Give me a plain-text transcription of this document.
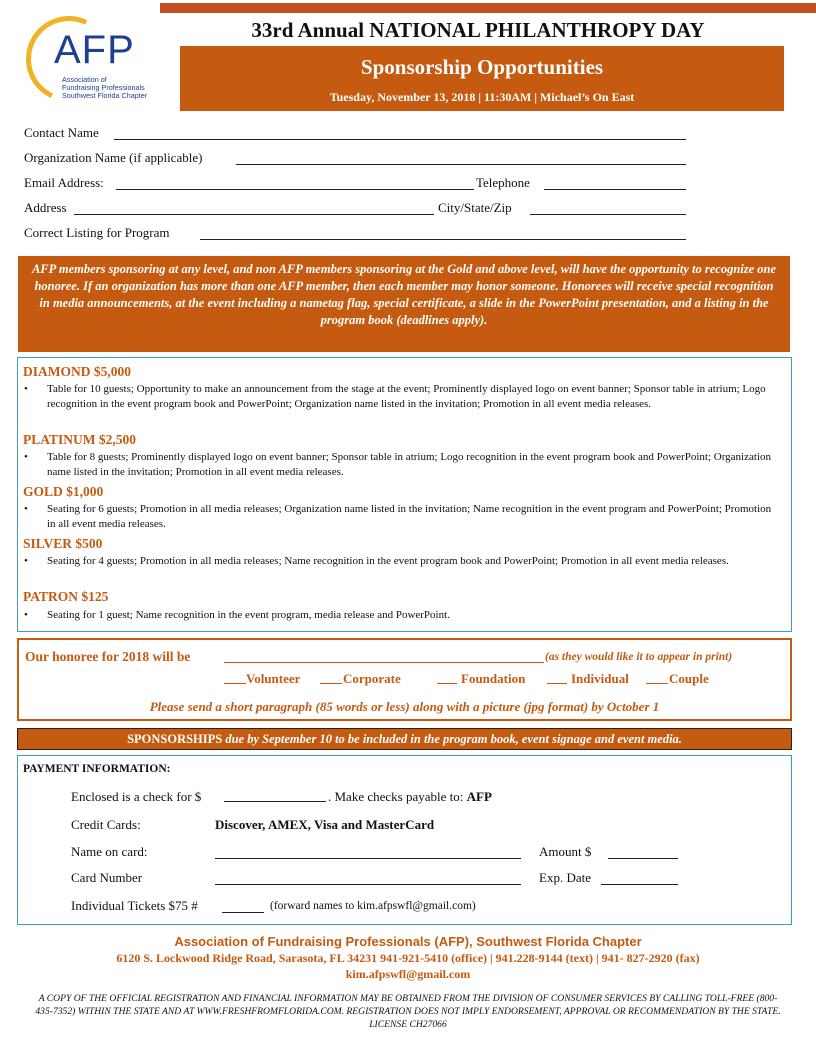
AFP
Association of
Fundraising Professionals
Southwest Florida Chapter
33rd Annual NATIONAL PHILANTHROPY DAY
Sponsorship Opportunities
Tuesday, November 13, 2018 | 11:30AM | Michael’s On East
Contact Name
Organization Name (if applicable)
Email Address:	Telephone
Address	City/State/Zip
Correct Listing for Program
AFP members sponsoring at any level, and non AFP members sponsoring at the Gold and above level, will have the opportunity to recognize one honoree. If an organization has more than one AFP member, then each member may honor someone. Honorees will receive special recognition in media announcements, at the event including a nametag flag, special certificate, a slide in the PowerPoint presentation, and a listing in the program book (deadlines apply).
DIAMOND $5,000
•	Table for 10 guests; Opportunity to make an announcement from the stage at the event; Prominently displayed logo on event banner; Sponsor table in atrium; Logo recognition in the event program book and PowerPoint; Organization name listed in the invitation; Promotion in all event media releases.
PLATINUM $2,500
•	Table for 8 guests; Prominently displayed logo on event banner; Sponsor table in atrium; Logo recognition in the event program book and PowerPoint; Organization name listed in the invitation; Promotion in all event media releases.
GOLD $1,000
•	Seating for 6 guests; Promotion in all media releases; Organization name listed in the invitation; Name recognition in the event program and PowerPoint; Promotion in all event media releases.
SILVER $500
•	Seating for 4 guests; Promotion in all media releases; Name recognition in the event program book and PowerPoint; Promotion in all event media releases.
PATRON $125
•	Seating for 1 guest; Name recognition in the event program, media release and PowerPoint.
Our honoree for 2018 will be	(as they would like it to appear in print)
Volunteer	Corporate	Foundation	Individual	Couple
Please send a short paragraph (85 words or less) along with a picture (jpg format) by October 1
SPONSORSHIPS due by September 10 to be included in the program book, event signage and event media.
PAYMENT INFORMATION:
Enclosed is a check for $	. Make checks payable to: AFP
Credit Cards:	Discover, AMEX, Visa and MasterCard
Name on card:	Amount $
Card Number	Exp. Date
Individual Tickets $75 #	(forward names to kim.afpswfl@gmail.com)
Association of Fundraising Professionals (AFP), Southwest Florida Chapter
6120 S. Lockwood Ridge Road, Sarasota, FL 34231 941-921-5410 (office) | 941.228-9144 (text) | 941- 827-2920 (fax)
kim.afpswfl@gmail.com
A COPY OF THE OFFICIAL REGISTRATION AND FINANCIAL INFORMATION MAY BE OBTAINED FROM THE DIVISION OF CONSUMER SERVICES BY CALLING TOLL-FREE (800-435-7352) WITHIN THE STATE AND AT WWW.FRESHFROMFLORIDA.COM. REGISTRATION DOES NOT IMPLY ENDORSEMENT, APPROVAL OR RECOMMENDATION BY THE STATE. LICENSE CH27066
